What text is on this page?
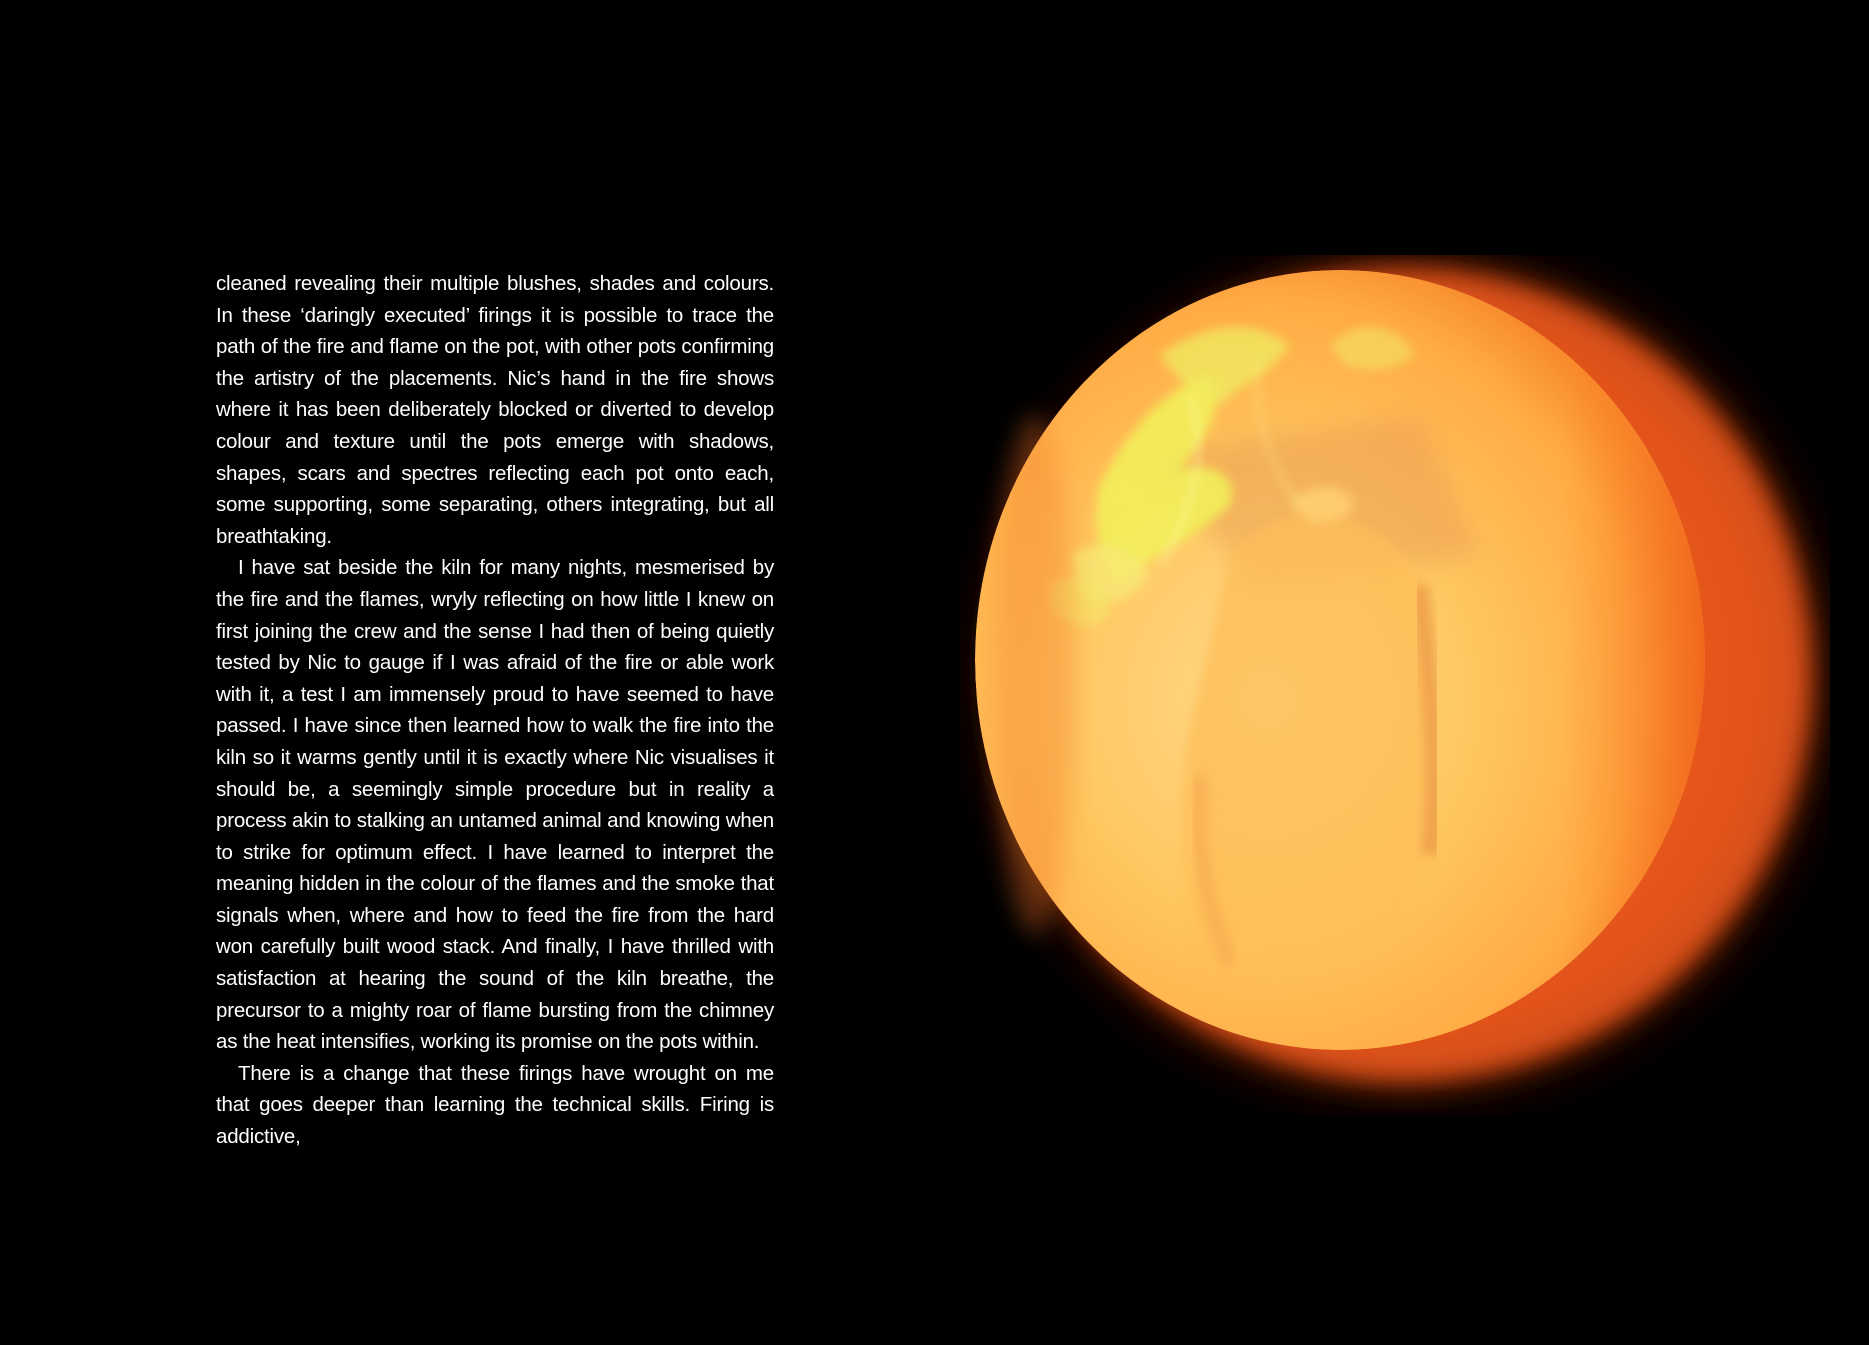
cleaned revealing their multiple blushes, shades and colours. In these ‘daringly executed’ firings it is possible to trace the path of the fire and flame on the pot, with other pots confirming the artistry of the placements. Nic’s hand in the fire shows where it has been deliberately blocked or diverted to develop colour and texture until the pots emerge with shadows, shapes, scars and spectres reflecting each pot onto each, some supporting, some separating, others integrating, but all breathtaking.

I have sat beside the kiln for many nights, mesmerised by the fire and the flames, wryly reflecting on how little I knew on first joining the crew and the sense I had then of being quietly tested by Nic to gauge if I was afraid of the fire or able work with it, a test I am immensely proud to have seemed to have passed. I have since then learned how to walk the fire into the kiln so it warms gently until it is exactly where Nic visualises it should be, a seemingly simple procedure but in reality a process akin to stalking an untamed animal and knowing when to strike for optimum effect. I have learned to interpret the meaning hidden in the colour of the flames and the smoke that signals when, where and how to feed the fire from the hard won carefully built wood stack. And finally, I have thrilled with satisfaction at hearing the sound of the kiln breathe, the precursor to a mighty roar of flame bursting from the chimney as the heat intensifies, working its promise on the pots within.

There is a change that these firings have wrought on me that goes deeper than learning the technical skills. Firing is addictive,
